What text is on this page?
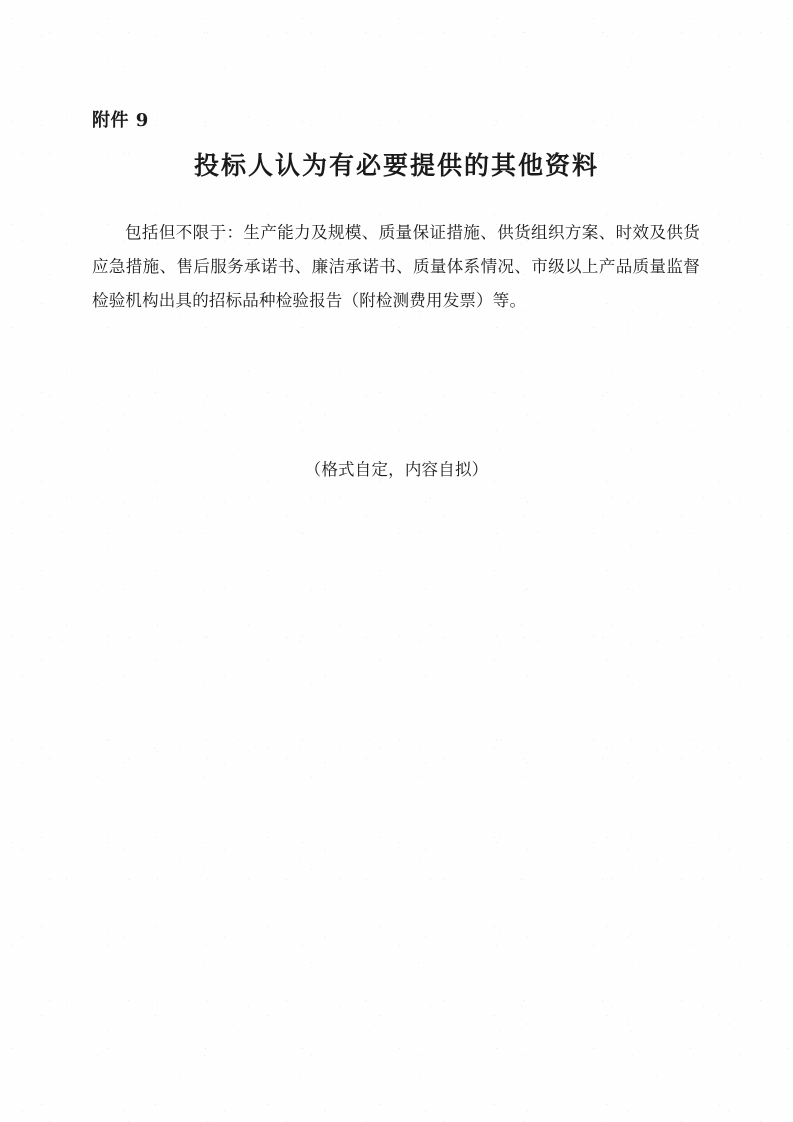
附件 9
投标人认为有必要提供的其他资料
包括但不限于：生产能力及规模、质量保证措施、供货组织方案、时效及供货应急措施、售后服务承诺书、廉洁承诺书、质量体系情况、市级以上产品质量监督检验机构出具的招标品种检验报告（附检测费用发票）等。
（格式自定，内容自拟）
